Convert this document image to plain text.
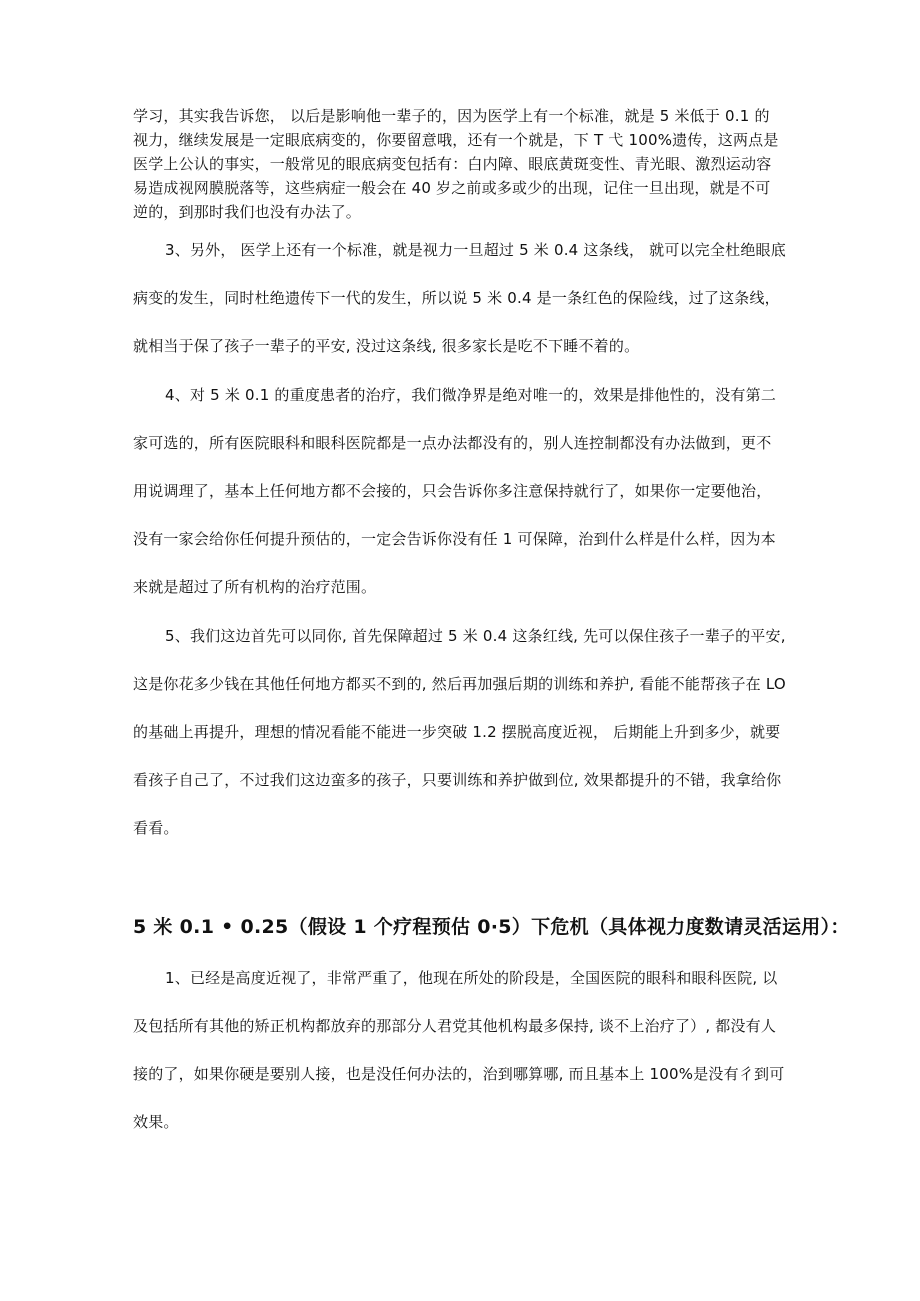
学习，其实我告诉您， 以后是影响他一辈子的，因为医学上有一个标准，就是 5 米低于 0.1 的
视力，继续发展是一定眼底病变的，你要留意哦，还有一个就是，下 T 弋 100%遗传，这两点是
医学上公认的事实，一般常见的眼底病变包括有：白内障、眼底黄斑变性、青光眼、激烈运动容
易造成视网膜脱落等，这些病症一般会在 40 岁之前或多或少的出现，记住一旦出现，就是不可
逆的，到那时我们也没有办法了。
3、另外， 医学上还有一个标准，就是视力一旦超过 5 米 0.4 这条线， 就可以完全杜绝眼底
病变的发生，同时杜绝遗传下一代的发生，所以说 5 米 0.4 是一条红色的保险线，过了这条线，
就相当于保了孩子一辈子的平安, 没过这条线, 很多家长是吃不下睡不着的。
4、对 5 米 0.1 的重度患者的治疗，我们微净界是绝对唯一的，效果是排他性的，没有第二
家可选的，所有医院眼科和眼科医院都是一点办法都没有的，别人连控制都没有办法做到，更不
用说调理了，基本上任何地方都不会接的，只会告诉你多注意保持就行了，如果你一定要他治，
没有一家会给你任何提升预估的，一定会告诉你没有任 1 可保障，治到什么样是什么样，因为本
来就是超过了所有机构的治疗范围。
5、我们这边首先可以同你, 首先保障超过 5 米 0.4 这条红线, 先可以保住孩子一辈子的平安,
这是你花多少钱在其他任何地方都买不到的, 然后再加强后期的训练和养护, 看能不能帮孩子在 LO
的基础上再提升，理想的情况看能不能进一步突破 1.2 摆脱高度近视， 后期能上升到多少，就要
看孩子自己了，不过我们这边蛮多的孩子，只要训练和养护做到位, 效果都提升的不错，我拿给你
看看。
5 米 0.1 • 0.25（假设 1 个疗程预估 0·5）下危机（具体视力度数请灵活运用）：
1、已经是高度近视了，非常严重了，他现在所处的阶段是，全国医院的眼科和眼科医院, 以
及包括所有其他的矫正机构都放弃的那部分人君党其他机构最多保持, 谈不上治疗了）, 都没有人
接的了，如果你硬是要别人接，也是没任何办法的，治到哪算哪, 而且基本上 100%是没有彳到可
效果。
